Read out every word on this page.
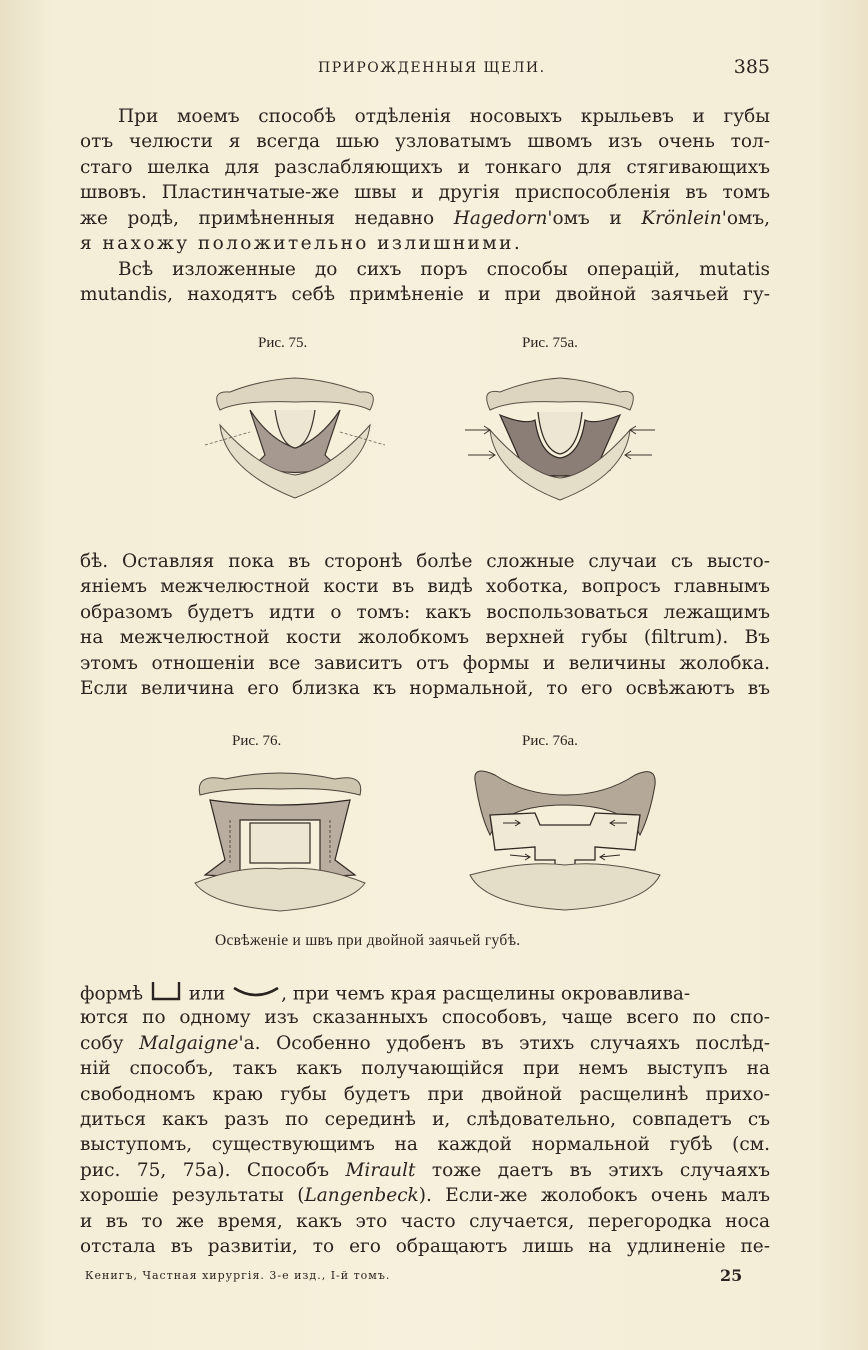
ПРИРОЖДЕННЫЯ ЩЕЛИ.	385
При моемъ способѣ отдѣленія носовыхъ крыльевъ и губы
отъ челюсти я всегда шью узловатымъ швомъ изъ очень тол-
стаго шелка для разслабляющихъ и тонкаго для стягивающихъ
швовъ. Пластинчатые-же швы и другія приспособленія въ томъ
же родѣ, примѣненныя недавно Hagedorn'омъ и Krönlein'омъ,
я нахожу положительно излишними.
Всѣ изложенные до сихъ поръ способы операцій, mutatis
mutandis, находятъ себѣ примѣненіе и при двойной заячьей гу-
Рис. 75.	Рис. 75а.
бѣ. Оставляя пока въ сторонѣ болѣе сложные случаи съ высто-
яніемъ межчелюстной кости въ видѣ хоботка, вопросъ главнымъ
образомъ будетъ идти о томъ: какъ воспользоваться лежащимъ
на межчелюстной кости жолобкомъ верхней губы (filtrum). Въ
этомъ отношеніи все зависитъ отъ формы и величины жолобка.
Если величина его близка къ нормальной, то его освѣжаютъ въ
Рис. 76.	Рис. 76а.
Освѣженіе и швъ при двойной заячьей губѣ.
формѣ или	, при чемъ края расщелины окровавлива-
ются по одному изъ сказанныхъ способовъ, чаще всего по спо-
собу Malgaigne'а. Особенно удобенъ въ этихъ случаяхъ послѣд-
ній способъ, такъ какъ получающійся при немъ выступъ на
свободномъ краю губы будетъ при двойной расщелинѣ прихо-
диться какъ разъ по серединѣ и, слѣдовательно, совпадетъ съ
выступомъ, существующимъ на каждой нормальной губѣ (см.
рис. 75, 75а). Способъ Mirault тоже даетъ въ этихъ случаяхъ
хорошіе результаты (Langenbeck). Если-же жолобокъ очень малъ
и въ то же время, какъ это часто случается, перегородка носа
отстала въ развитіи, то его обращаютъ лишь на удлиненіе пе-
Кенигъ, Частная хирургія. 3-е изд., I-й томъ.	25
